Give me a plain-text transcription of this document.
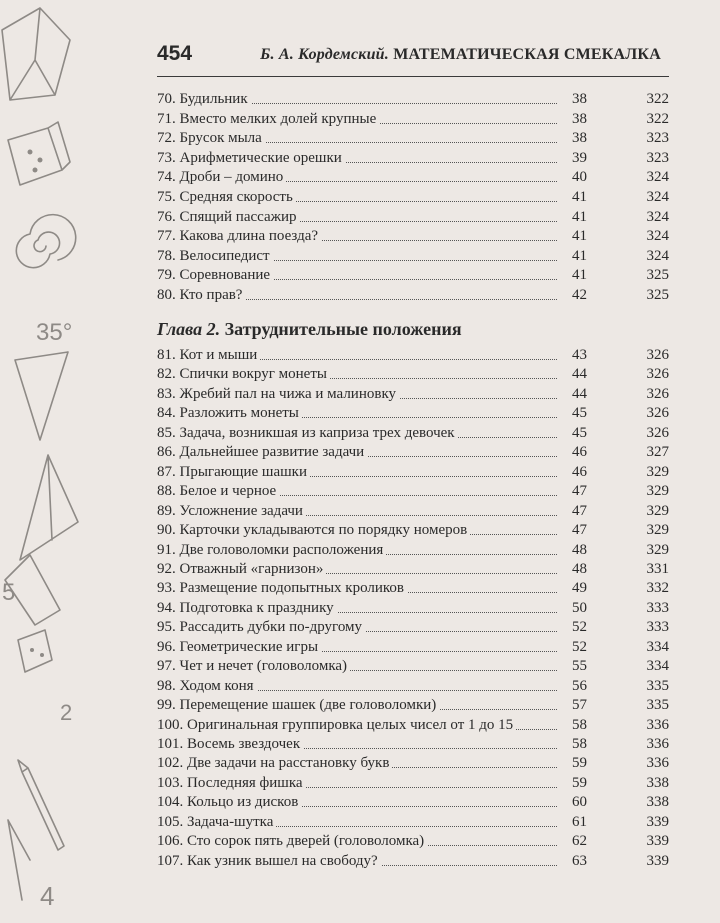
35°
5
2
4
454	Б. А. Кордемский. МАТЕМАТИЧЕСКАЯ СМЕКАЛКА
Глава 2. Затруднительные положения
70. Будильник	38	322
71. Вместо мелких долей крупные	38	322
72. Брусок мыла	38	323
73. Арифметические орешки	39	323
74. Дроби – домино	40	324
75. Средняя скорость	41	324
76. Спящий пассажир	41	324
77. Какова длина поезда?	41	324
78. Велосипедист	41	324
79. Соревнование	41	325
80. Кто прав?	42	325
81. Кот и мыши	43	326
82. Спички вокруг монеты	44	326
83. Жребий пал на чижа и малиновку	44	326
84. Разложить монеты	45	326
85. Задача, возникшая из каприза трех девочек	45	326
86. Дальнейшее развитие задачи	46	327
87. Прыгающие шашки	46	329
88. Белое и черное	47	329
89. Усложнение задачи	47	329
90. Карточки укладываются по порядку номеров	47	329
91. Две головоломки расположения	48	329
92. Отважный «гарнизон»	48	331
93. Размещение подопытных кроликов	49	332
94. Подготовка к празднику	50	333
95. Рассадить дубки по-другому	52	333
96. Геометрические игры	52	334
97. Чет и нечет (головоломка)	55	334
98. Ходом коня	56	335
99. Перемещение шашек (две головоломки)	57	335
100. Оригинальная группировка целых чисел от 1 до 15	58	336
101. Восемь звездочек	58	336
102. Две задачи на расстановку букв	59	336
103. Последняя фишка	59	338
104. Кольцо из дисков	60	338
105. Задача-шутка	61	339
106. Сто сорок пять дверей (головоломка)	62	339
107. Как узник вышел на свободу?	63	339
